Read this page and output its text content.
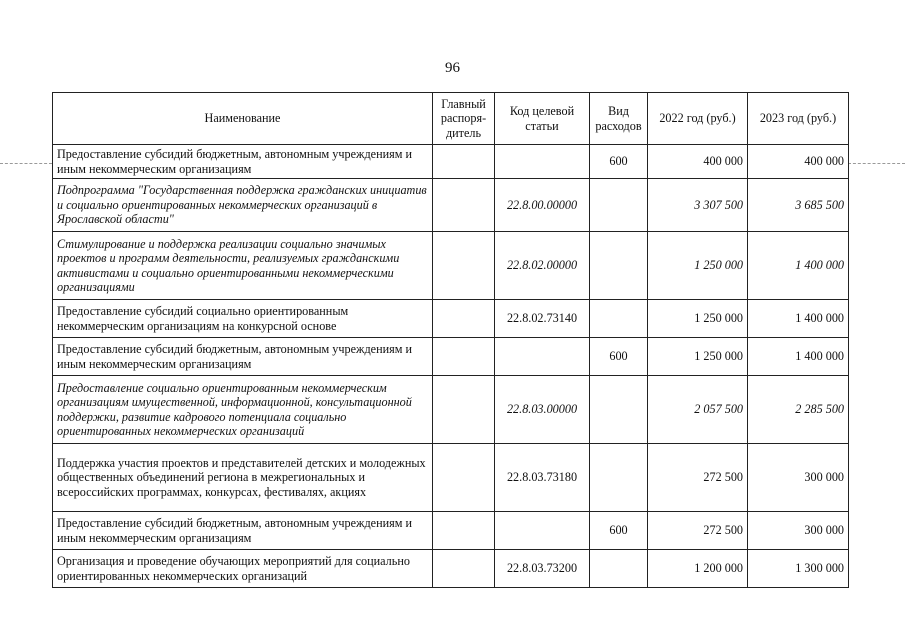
96
Наименование	Главный распоря-дитель	Код целевой статьи	Вид расходов	2022 год (руб.)	2023 год (руб.)
Предоставление субсидий бюджетным, автономным учреждениям и иным некоммерческим организациям			600	400 000	400 000
Подпрограмма "Государственная поддержка гражданских инициатив и социально ориентированных некоммерческих организаций в Ярославской области"		22.8.00.00000		3 307 500	3 685 500
Стимулирование и поддержка реализации социально значимых проектов и программ деятельности, реализуемых гражданскими активистами и социально ориентированными некоммерческими организациями		22.8.02.00000		1 250 000	1 400 000
Предоставление субсидий социально ориентированным некоммерческим организациям на конкурсной основе		22.8.02.73140		1 250 000	1 400 000
Предоставление субсидий бюджетным, автономным учреждениям и иным некоммерческим организациям			600	1 250 000	1 400 000
Предоставление социально ориентированным некоммерческим организациям имущественной, информационной, консультационной поддержки, развитие кадрового потенциала социально ориентированных некоммерческих организаций		22.8.03.00000		2 057 500	2 285 500
Поддержка участия проектов и представителей детских и молодежных общественных объединений региона в межрегиональных и всероссийских программах, конкурсах, фестивалях, акциях		22.8.03.73180		272 500	300 000
Предоставление субсидий бюджетным, автономным учреждениям и иным некоммерческим организациям			600	272 500	300 000
Организация и проведение обучающих мероприятий для социально ориентированных некоммерческих организаций		22.8.03.73200		1 200 000	1 300 000
